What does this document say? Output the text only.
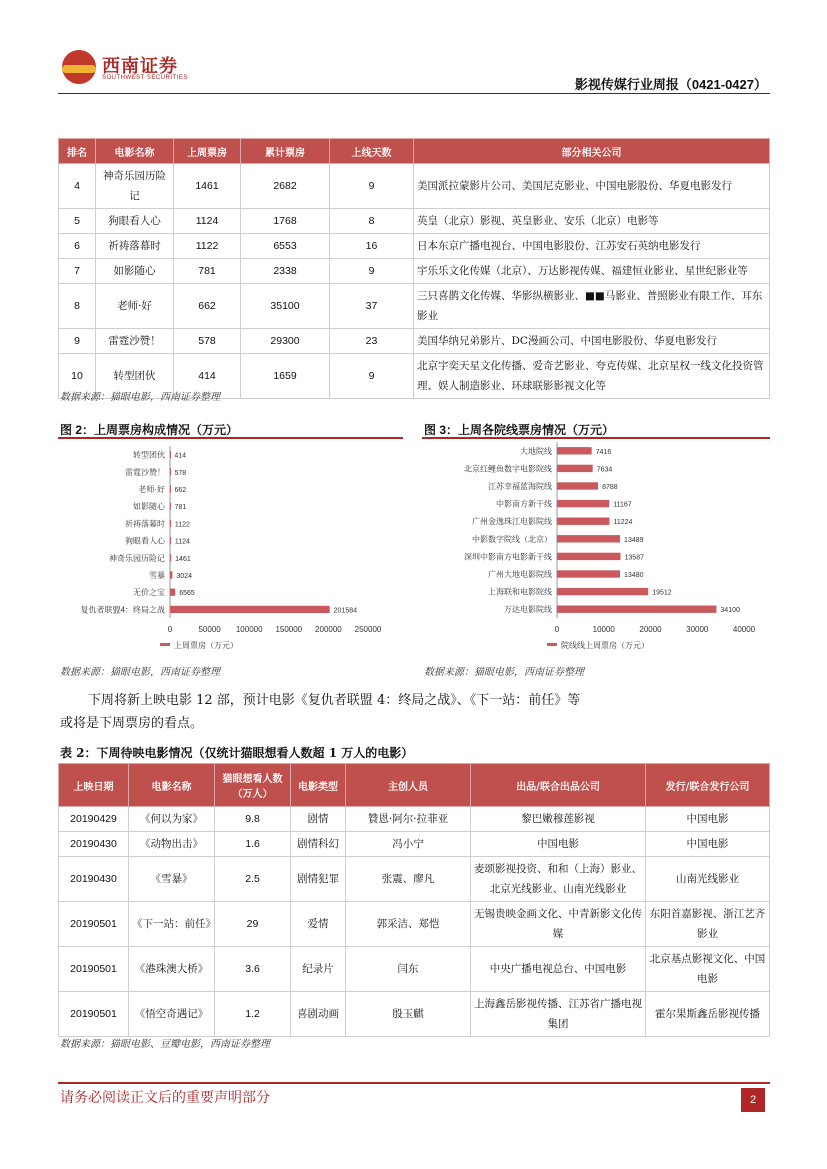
西南证券
SOUTHWEST SECURITIES	影视传媒行业周报（0421-0427）
排名	电影名称	上周票房	累计票房	上线天数	部分相关公司
4	神奇乐园历险记	1461	2682	9	美国派拉蒙影片公司、美国尼克影业、中国电影股份、华夏电影发行
5	狗眼看人心	1124	1768	8	英皇（北京）影视、英皇影业、安乐（北京）电影等
6	祈祷落幕时	1122	6553	16	日本东京广播电视台、中国电影股份、江苏安石英纳电影发行
7	如影随心	781	2338	9	宇乐乐文化传媒（北京）、万达影视传媒、福建恒业影业、星世纪影业等
8	老师·好	662	35100	37	三只喜鹊文化传媒、华影纵横影业、■■马影业、普照影业有限工作、耳东影业
9	雷霆沙赞！	578	29300	23	美国华纳兄弟影片、DC漫画公司、中国电影股份、华夏电影发行
10	转型团伙	414	1659	9	北京宇奕天星文化传播、爱奇艺影业、夸克传媒、北京星权一线文化投资管理、娱人制造影业、环球联影影视文化等
数据来源：猫眼电影，西南证券整理
图 2：上周票房构成情况（万元）
转型团伙 414
雷霆沙赞！ 578
老师·好 662
如影随心 781
祈祷落幕时 1122
狗眼看人心 1124
神奇乐园历险记 1461
雪暴 3024
无价之宝 6565
复仇者联盟4：终局之战	201584
0	50000 100000 150000 200000 250000
上周票房（万元）
数据来源：猫眼电影，西南证券整理
图 3：上周各院线票房情况（万元）
大地院线	7416
北京红鲤鱼数字电影院线	7634
江苏幸福蓝海院线	8788
中影南方新干线	11167
广州金逸珠江电影院线	11224
中影数字院线（北京）	13489
深圳中影南方电影新干线	13587
广州大地电影院线	13480
上海联和电影院线	19512
万达电影院线	34100
0	10000	20000	30000	40000
院线线上周票房（万元）
数据来源：猫眼电影，西南证券整理
下周将新上映电影 12 部，预计电影《复仇者联盟 4：终局之战》、《下一站：前任》等
或将是下周票房的看点。
表 2：下周待映电影情况（仅统计猫眼想看人数超 1 万人的电影）
上映日期	电影名称	猫眼想看人数（万人）	电影类型	主创人员	出品/联合出品公司	发行/联合发行公司
20190429	《何以为家》	9.8	剧情	贊恩·阿尔·拉菲亚	黎巴嫩穆莲影视	中国电影
20190430	《动物出击》	1.6	剧情科幻	冯小宁	中国电影	中国电影
20190430	《雪暴》	2.5	剧情犯罪	张震、廖凡	麦颂影视投资、和和（上海）影业、北京光线影业、山南光线影业	山南光线影业
20190501	《下一站：前任》	29	爱情	郭采洁、郑恺	无锡贵映金画文化、中青新影文化传媒	东阳首嘉影视、浙江艺齐影业
20190501	《港珠澳大桥》	3.6	纪录片	闫东	中央广播电视总台、中国电影	北京基点影视文化、中国电影
20190501	《悟空奇遇记》	1.2	喜剧动画	殷玉麒	上海鑫岳影视传播、江苏省广播电视集团	霍尔果斯鑫岳影视传播
数据来源：猫眼电影、豆瓣电影，西南证券整理
请务必阅读正文后的重要声明部分	2
